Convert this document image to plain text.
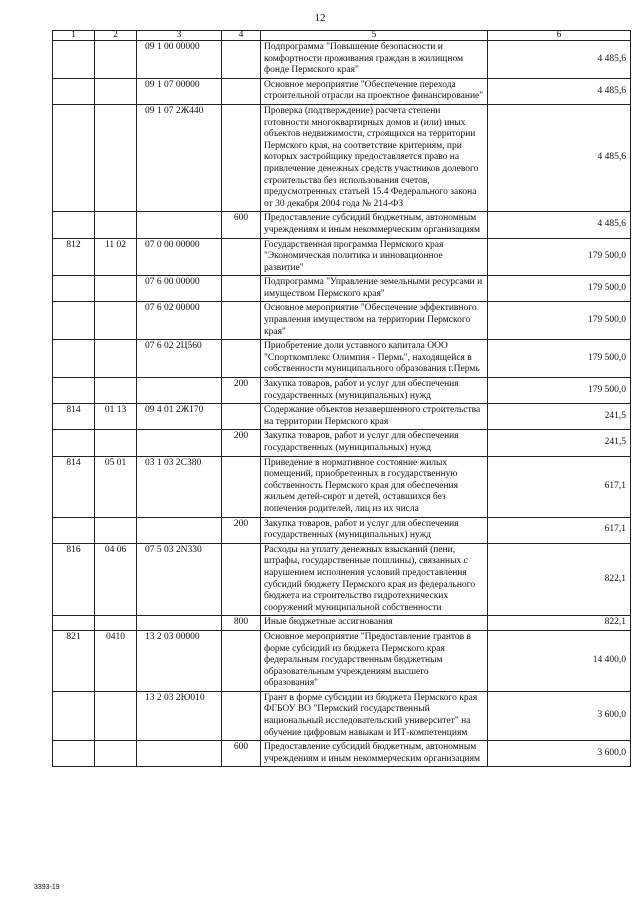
12
1	2	3	4	5	6
		09 1 00 00000		Подпрограмма "Повышение безопасности и комфортности проживания граждан в жилищном фонде Пермского края"	4 485,6
		09 1 07 00000		Основное мероприятие "Обеспечение перехода строительной отрасли на проектное финансирование"	4 485,6
		09 1 07 2Ж440		Проверка (подтверждение) расчета степени готовности многоквартирных домов и (или) иных объектов недвижимости, строящихся на территории Пермского края, на соответствие критериям, при которых застройщику предоставляется право на привлечение денежных средств участников долевого строительства без использования счетов, предусмотренных статьей 15.4 Федерального закона от 30 декабря 2004 года № 214-ФЗ	4 485,6
			600	Предоставление субсидий бюджетным, автономным учреждениям и иным некоммерческим организациям	4 485,6
812	11 02	07 0 00 00000		Государственная программа Пермского края "Экономическая политика и инновационное развитие"	179 500,0
		07 6 00 00000		Подпрограмма "Управление земельными ресурсами и имуществом Пермского края"	179 500,0
		07 6 02 00000		Основное мероприятие "Обеспечение эффективного управления имуществом на территории Пермского края"	179 500,0
		07 6 02 2Ц560		Приобретение доли уставного капитала ООО "Спорткомплекс Олимпия - Пермь", находящейся в собственности муниципального образования г.Пермь	179 500,0
			200	Закупка товаров, работ и услуг для обеспечения государственных (муниципальных) нужд	179 500,0
814	01 13	09 4 01 2Ж170		Содержание объектов незавершенного строительства на территории Пермского края	241,5
			200	Закупка товаров, работ и услуг для обеспечения государственных (муниципальных) нужд	241,5
814	05 01	03 1 03 2С380		Приведение в нормативное состояние жилых помещений, приобретенных в государственную собственность Пермского края для обеспечения жильем детей-сирот и детей, оставшихся без попечения родителей, лиц из их числа	617,1
			200	Закупка товаров, работ и услуг для обеспечения государственных (муниципальных) нужд	617,1
816	04 06	07 5 03 2N330		Расходы на уплату денежных взысканий (пени, штрафы, государственные пошлины), связанных с нарушением исполнения условий предоставления субсидий бюджету Пермского края из федерального бюджета на строительство гидротехнических сооружений муниципальной собственности	822,1
			800	Иные бюджетные ассигнования	822,1
821	0410	13 2 03 00000		Основное мероприятие "Предоставление грантов в форме субсидий из бюджета Пермского края федеральным государственным бюджетным образовательным учреждениям высшего образования"	14 400,0
		13 2 03 2Ю010		Грант в форме субсидии из бюджета Пермского края ФГБОУ ВО "Пермский государственный национальный исследовательский университет" на обучение цифровым навыкам и ИТ-компетенциям	3 600,0
			600	Предоставление субсидий бюджетным, автономным учреждениям и иным некоммерческим организациям	3 600,0
3393-19
